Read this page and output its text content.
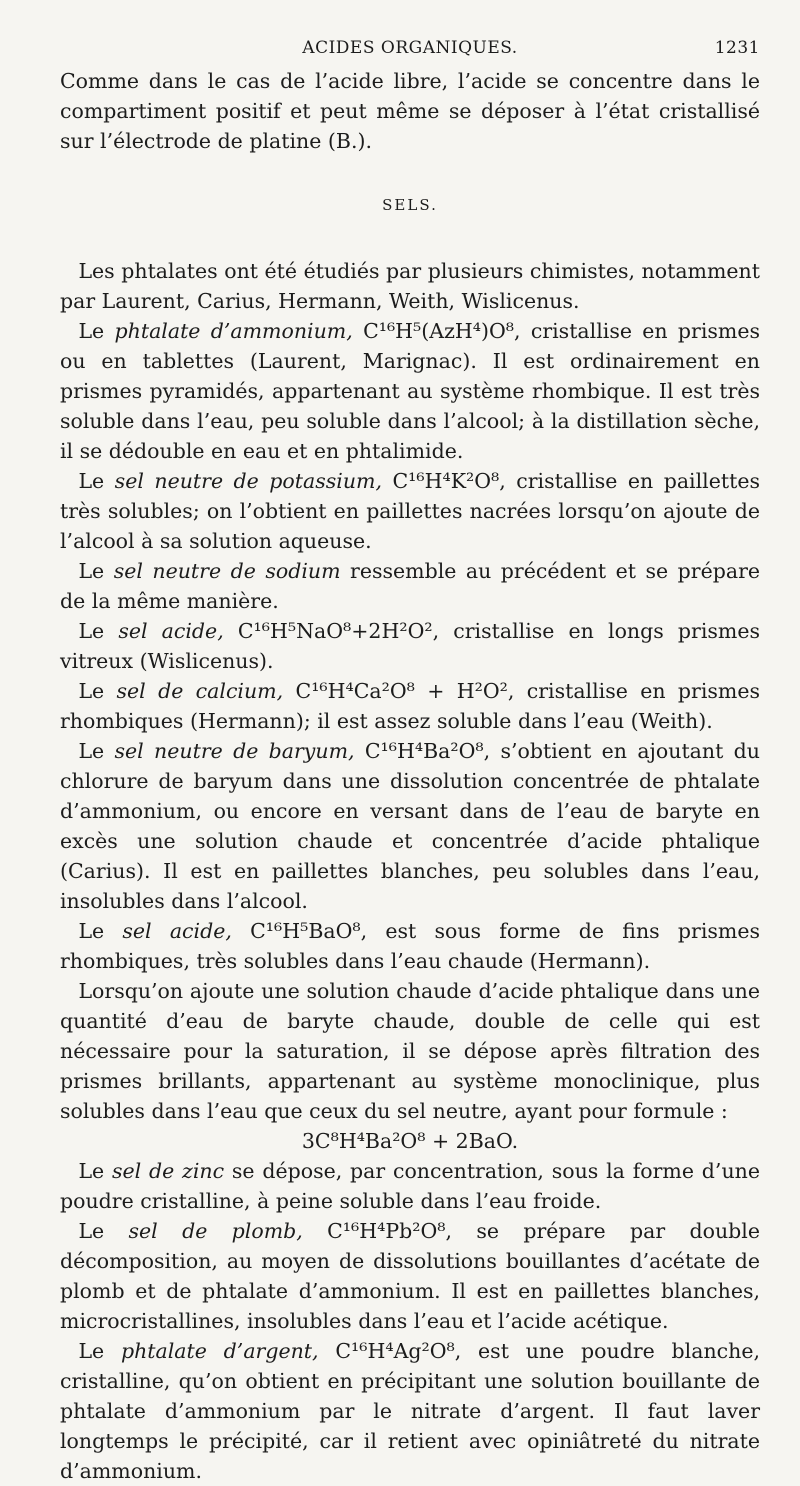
ACIDES ORGANIQUES.	1231

Comme dans le cas de l’acide libre, l’acide se concentre dans le compartiment positif et peut même se déposer à l’état cristallisé sur l’électrode de platine (B.).

SELS.

Les phtalates ont été étudiés par plusieurs chimistes, notamment par Laurent, Carius, Hermann, Weith, Wislicenus.

Le phtalate d’ammonium, C¹⁶H⁵(AzH⁴)O⁸, cristallise en prismes ou en tablettes (Laurent, Marignac). Il est ordinairement en prismes pyramidés, appartenant au système rhombique. Il est très soluble dans l’eau, peu soluble dans l’alcool; à la distillation sèche, il se dédouble en eau et en phtalimide.

Le sel neutre de potassium, C¹⁶H⁴K²O⁸, cristallise en paillettes très solubles; on l’obtient en paillettes nacrées lorsqu’on ajoute de l’alcool à sa solution aqueuse.

Le sel neutre de sodium ressemble au précédent et se prépare de la même manière.

Le sel acide, C¹⁶H⁵NaO⁸+2H²O², cristallise en longs prismes vitreux (Wislicenus).

Le sel de calcium, C¹⁶H⁴Ca²O⁸ + H²O², cristallise en prismes rhombiques (Hermann); il est assez soluble dans l’eau (Weith).

Le sel neutre de baryum, C¹⁶H⁴Ba²O⁸, s’obtient en ajoutant du chlorure de baryum dans une dissolution concentrée de phtalate d’ammonium, ou encore en versant dans de l’eau de baryte en excès une solution chaude et concentrée d’acide phtalique (Carius). Il est en paillettes blanches, peu solubles dans l’eau, insolubles dans l’alcool.

Le sel acide, C¹⁶H⁵BaO⁸, est sous forme de fins prismes rhombiques, très solubles dans l’eau chaude (Hermann).

Lorsqu’on ajoute une solution chaude d’acide phtalique dans une quantité d’eau de baryte chaude, double de celle qui est nécessaire pour la saturation, il se dépose après filtration des prismes brillants, appartenant au système monoclinique, plus solubles dans l’eau que ceux du sel neutre, ayant pour formule :

3C⁸H⁴Ba²O⁸ + 2BaO.

Le sel de zinc se dépose, par concentration, sous la forme d’une poudre cristalline, à peine soluble dans l’eau froide.

Le sel de plomb, C¹⁶H⁴Pb²O⁸, se prépare par double décomposition, au moyen de dissolutions bouillantes d’acétate de plomb et de phtalate d’ammonium. Il est en paillettes blanches, microcristallines, insolubles dans l’eau et l’acide acétique.

Le phtalate d’argent, C¹⁶H⁴Ag²O⁸, est une poudre blanche, cristalline, qu’on obtient en précipitant une solution bouillante de phtalate d’ammonium par le nitrate d’argent. Il faut laver longtemps le précipité, car il retient avec opiniâtreté du nitrate d’ammonium.
